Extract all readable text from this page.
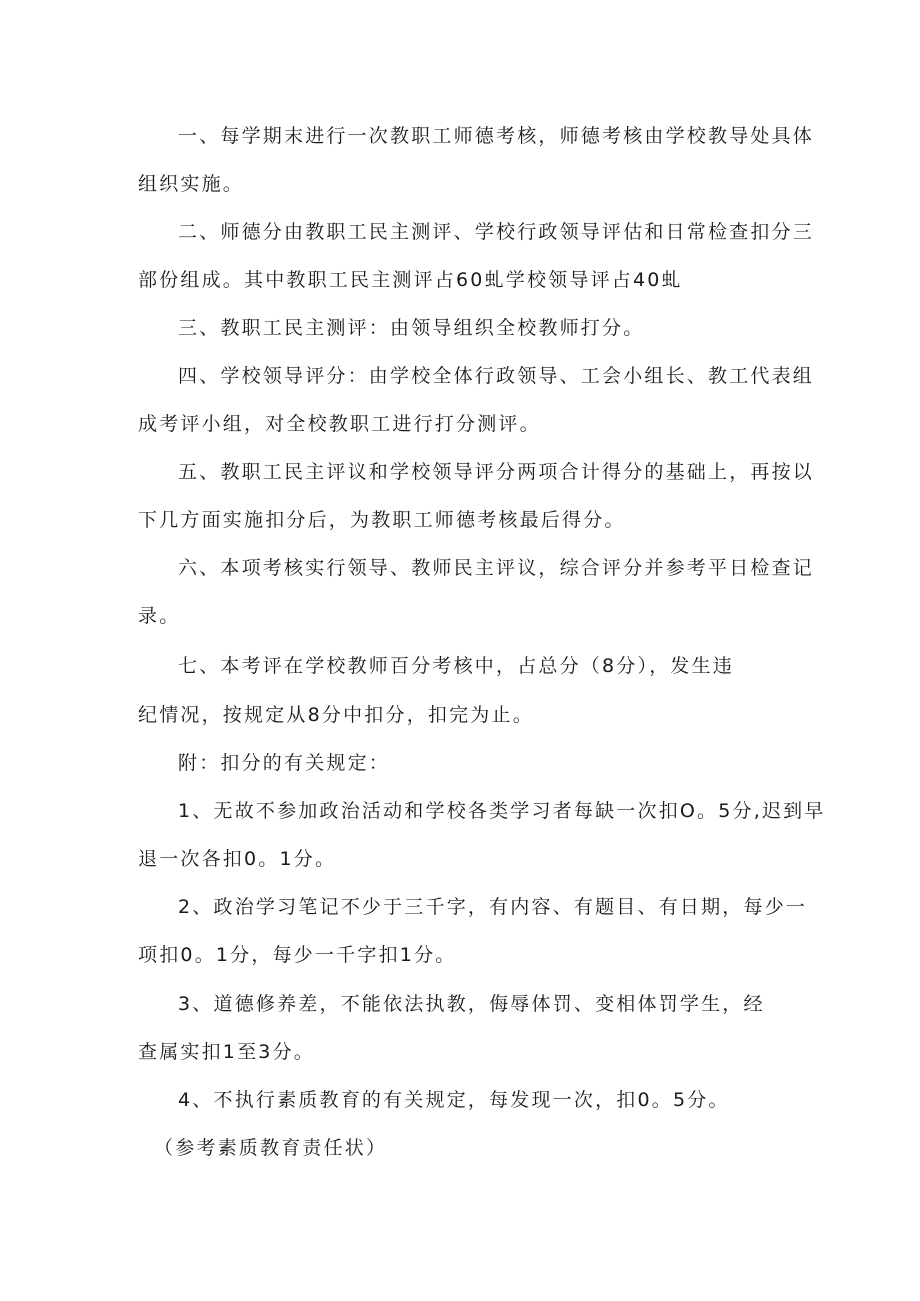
一、每学期末进行一次教职工师德考核，师德考核由学校教导处具体
组织实施。
二、师德分由教职工民主测评、学校行政领导评估和日常检查扣分三
部份组成。其中教职工民主测评占60虬学校领导评占40虬
三、教职工民主测评：由领导组织全校教师打分。
四、学校领导评分：由学校全体行政领导、工会小组长、教工代表组
成考评小组，对全校教职工进行打分测评。
五、教职工民主评议和学校领导评分两项合计得分的基础上，再按以
下几方面实施扣分后，为教职工师德考核最后得分。
六、本项考核实行领导、教师民主评议，综合评分并参考平日检查记
录。
七、本考评在学校教师百分考核中，占总分（8分），发生违
纪情况，按规定从8分中扣分，扣完为止。
附：扣分的有关规定：
1、无故不参加政治活动和学校各类学习者每缺一次扣O。5分,迟到早
退一次各扣0。1分。
2、政治学习笔记不少于三千字，有内容、有题目、有日期，每少一
项扣0。1分，每少一千字扣1分。
3、道德修养差，不能依法执教，侮辱体罚、变相体罚学生，经
查属实扣1至3分。
4、不执行素质教育的有关规定，每发现一次，扣0。5分。
（参考素质教育责任状）
